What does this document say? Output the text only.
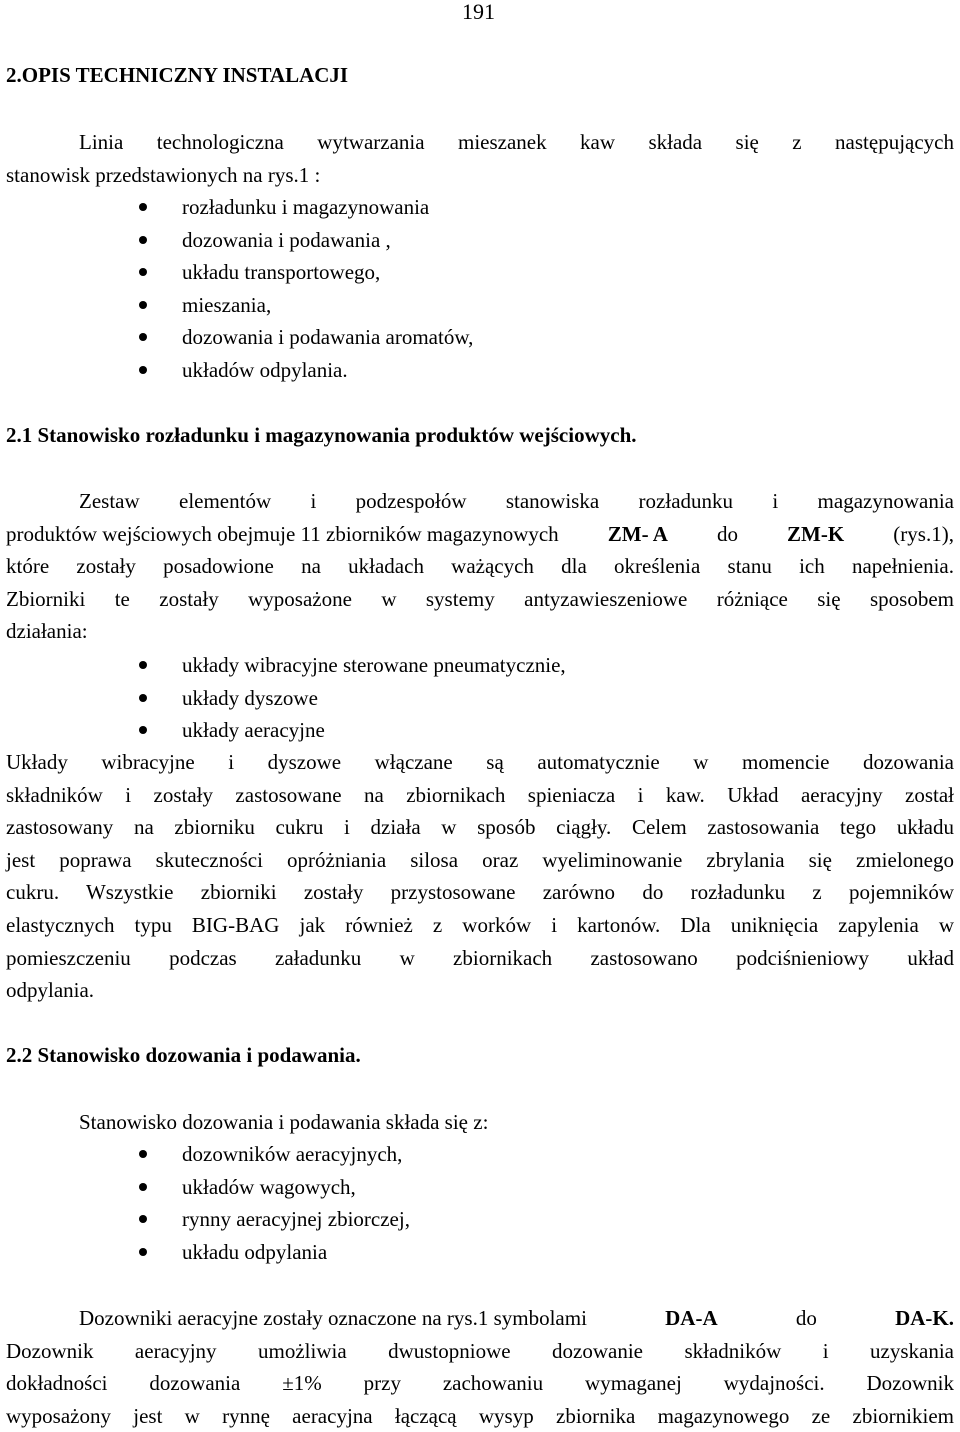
191
2.OPIS TECHNICZNY INSTALACJI
Linia technologiczna wytwarzania mieszanek kaw składa się z następujących
stanowisk przedstawionych na rys.1 :
rozładunku i magazynowania
dozowania i podawania ,
układu transportowego,
mieszania,
dozowania i podawania aromatów,
układów odpylania.
2.1 Stanowisko rozładunku i magazynowania produktów wejściowych.
Zestaw elementów i podzespołów stanowiska rozładunku i magazynowania
produktów wejściowych obejmuje 11 zbiorników magazynowych ZM- A do ZM-K (rys.1),
które zostały posadowione na układach ważących dla określenia stanu ich napełnienia.
Zbiorniki te zostały wyposażone w systemy antyzawieszeniowe różniące się sposobem
działania:
układy wibracyjne sterowane pneumatycznie,
układy dyszowe
układy aeracyjne
Układy wibracyjne i dyszowe włączane są automatycznie w momencie dozowania
składników i zostały zastosowane na zbiornikach spieniacza i kaw. Układ aeracyjny został
zastosowany na zbiorniku cukru i działa w sposób ciągły. Celem zastosowania tego układu
jest poprawa skuteczności opróżniania silosa oraz wyeliminowanie zbrylania się zmielonego
cukru. Wszystkie zbiorniki zostały przystosowane zarówno do rozładunku z pojemników
elastycznych typu BIG-BAG jak również z worków i kartonów. Dla uniknięcia zapylenia w
pomieszczeniu podczas załadunku w zbiornikach zastosowano podciśnieniowy układ
odpylania.
2.2 Stanowisko dozowania i podawania.
Stanowisko dozowania i podawania składa się z:
dozowników aeracyjnych,
układów wagowych,
rynny aeracyjnej zbiorczej,
układu odpylania
Dozowniki aeracyjne zostały oznaczone na rys.1 symbolami	DA-A	do	DA-K.
Dozownik aeracyjny umożliwia dwustopniowe dozowanie składników i uzyskania
dokładności dozowania ±1% przy zachowaniu wymaganej wydajności. Dozownik
wyposażony jest w rynnę aeracyjna łączącą wysyp zbiornika magazynowego ze zbiornikiem
